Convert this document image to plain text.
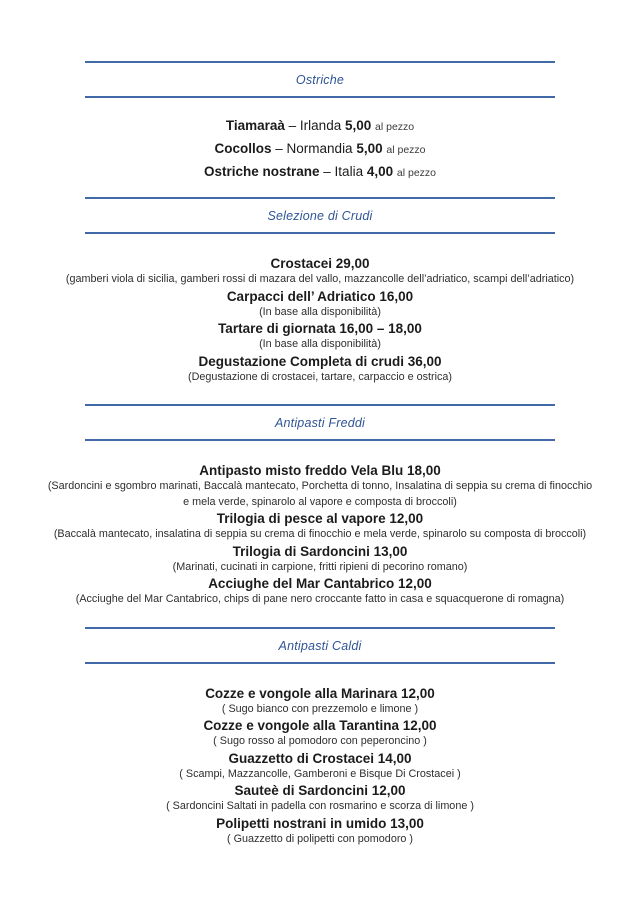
Ostriche
Tiamaraà – Irlanda 5,00 al pezzo
Cocollos – Normandia 5,00 al pezzo
Ostriche nostrane – Italia 4,00 al pezzo
Selezione di Crudi
Crostacei 29,00
(gamberi viola di sicilia, gamberi rossi di mazara del vallo, mazzancolle dell’adriatico, scampi dell’adriatico)
Carpacci dell’ Adriatico 16,00
(In base alla disponibilità)
Tartare di giornata 16,00 – 18,00
(In base alla disponibilità)
Degustazione Completa di crudi 36,00
(Degustazione di crostacei, tartare, carpaccio e ostrica)
Antipasti Freddi
Antipasto misto freddo Vela Blu 18,00
(Sardoncini e sgombro marinati, Baccalà mantecato, Porchetta di tonno, Insalatina di seppia su crema di finocchio e mela verde, spinarolo al vapore e composta di broccoli)
Trilogia di pesce al vapore 12,00
(Baccalà mantecato, insalatina di seppia su crema di finocchio e mela verde, spinarolo su composta di broccoli)
Trilogia di Sardoncini 13,00
(Marinati, cucinati in carpione, fritti ripieni di pecorino romano)
Acciughe del Mar Cantabrico 12,00
(Acciughe del Mar Cantabrico, chips di pane nero croccante fatto in casa e squacquerone di romagna)
Antipasti Caldi
Cozze e vongole alla Marinara 12,00
( Sugo bianco con prezzemolo e limone )
Cozze e vongole alla Tarantina 12,00
( Sugo rosso al pomodoro con peperoncino )
Guazzetto di Crostacei 14,00
( Scampi, Mazzancolle, Gamberoni e Bisque Di Crostacei )
Sauteè di Sardoncini 12,00
( Sardoncini Saltati in padella con rosmarino e scorza di limone )
Polipetti nostrani in umido 13,00
( Guazzetto di polipetti con pomodoro )
